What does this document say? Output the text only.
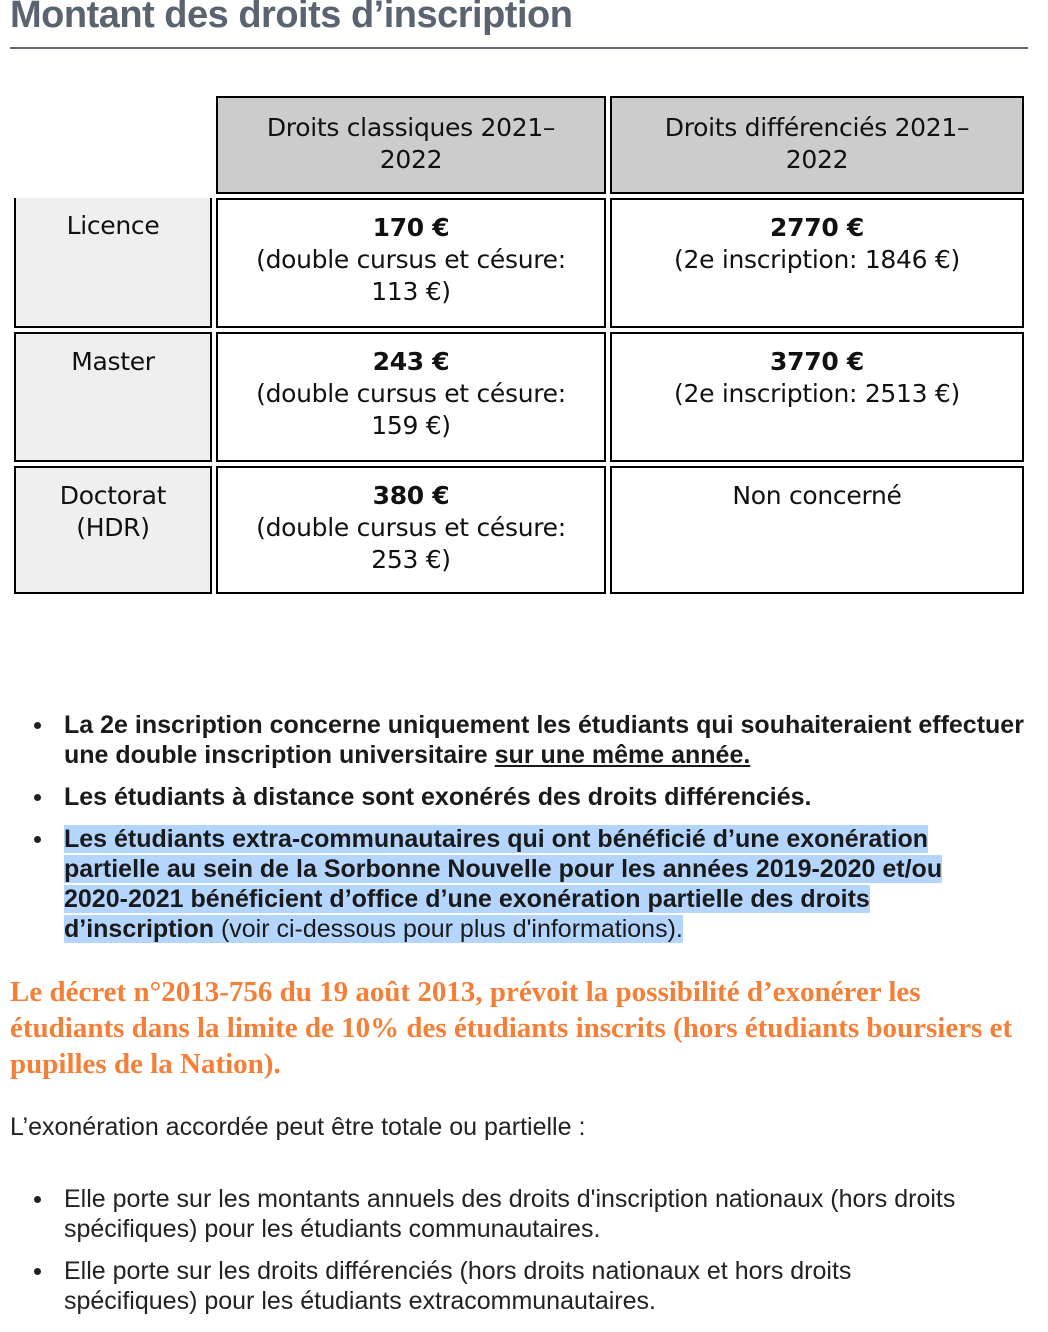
Montant des droits d’inscription
Droits classiques 2021–
2022
Droits différenciés 2021–
2022
Licence	170 €
(double cursus et césure:
113 €)
2770 €
(2e inscription: 1846 €)
Master	243 €
(double cursus et césure:
159 €)
3770 €
(2e inscription: 2513 €)
Doctorat
(HDR)
380 €
(double cursus et césure:
253 €)
Non concerné
La 2e inscription concerne uniquement les étudiants qui souhaiteraient effectuer une double inscription universitaire sur une même année.
Les étudiants à distance sont exonérés des droits différenciés.
Les étudiants extra-communautaires qui ont bénéficié d’une exonération partielle au sein de la Sorbonne Nouvelle pour les années 2019-2020 et/ou 2020-2021 bénéficient d’office d’une exonération partielle des droits d’inscription (voir ci-dessous pour plus d'informations).

Le décret n°2013-756 du 19 août 2013, prévoit la possibilité d’exonérer les étudiants dans la limite de 10% des étudiants inscrits (hors étudiants boursiers et pupilles de la Nation).

L’exonération accordée peut être totale ou partielle :

Elle porte sur les montants annuels des droits d'inscription nationaux (hors droits spécifiques) pour les étudiants communautaires.
Elle porte sur les droits différenciés (hors droits nationaux et hors droits spécifiques) pour les étudiants extracommunautaires.
